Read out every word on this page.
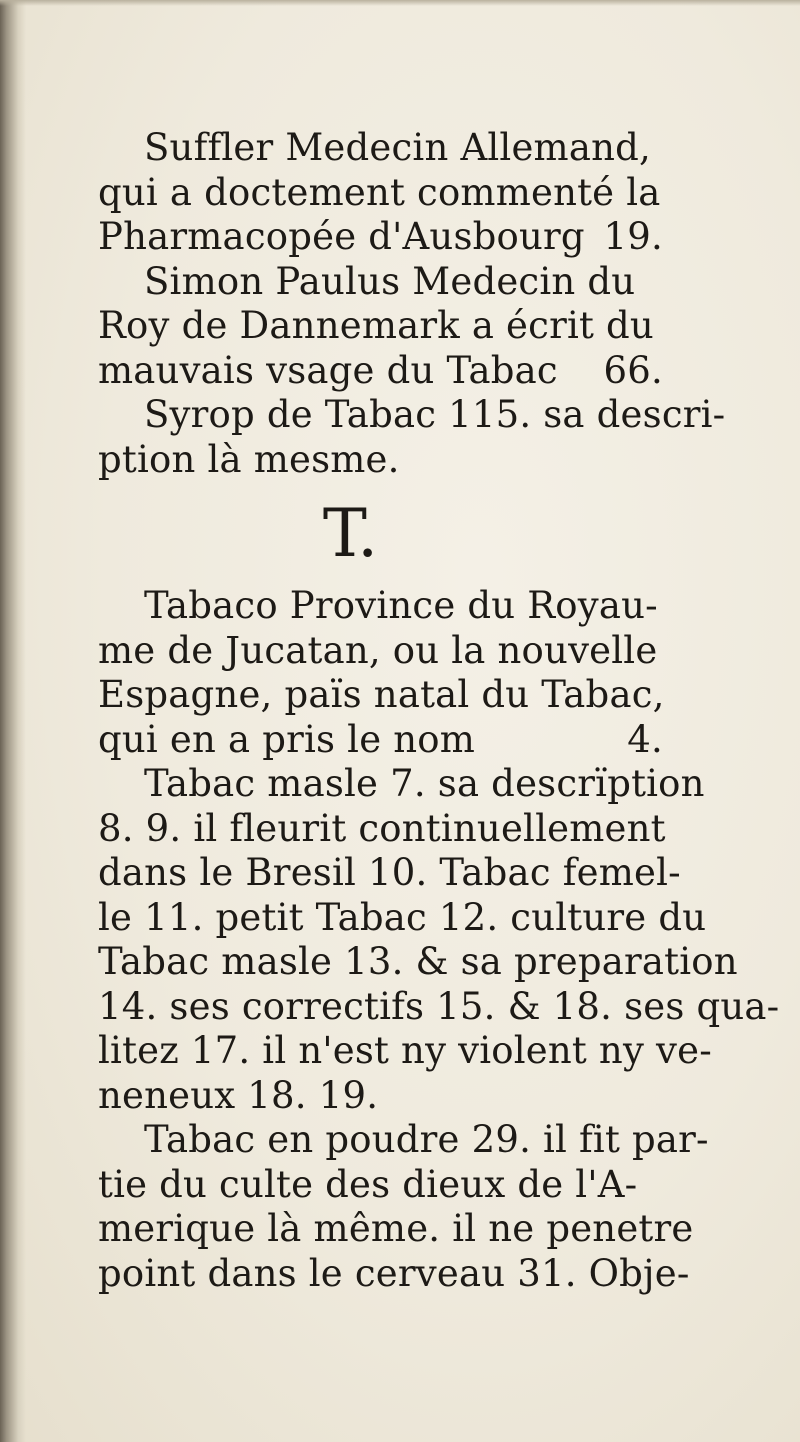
Suffler Medecin Allemand,
qui a doctement commenté la
Pharmacopée d'Ausbourg 19.
Simon Paulus Medecin du
Roy de Dannemark a écrit du
mauvais vsage du Tabac	66.
Syrop de Tabac 115. sa descri-
ption là mesme.
T.
Tabaco Province du Royau-
me de Jucatan, ou la nouvelle
Espagne, païs natal du Tabac,
qui en a pris le nom	4.
Tabac masle 7. sa descrïption
8. 9. il fleurit continuellement
dans le Bresil 10. Tabac femel-
le 11. petit Tabac 12. culture du
Tabac masle 13. & sa preparation
14. ses correctifs 15. & 18. ses qua-
litez 17. il n'est ny violent ny ve-
neneux 18. 19.
Tabac en poudre 29. il fit par-
tie du culte des dieux de l'A-
merique là même. il ne penetre
point dans le cerveau 31. Obje-
